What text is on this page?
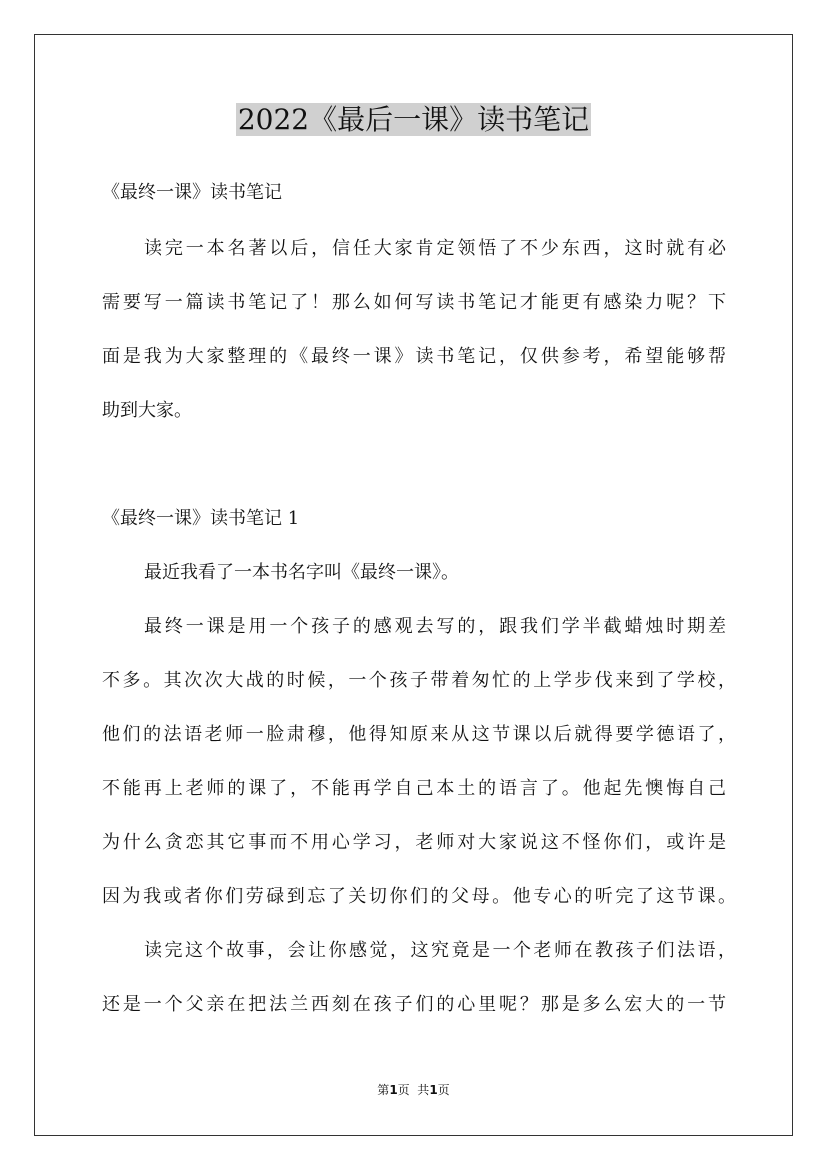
2022《最后一课》读书笔记
《最终一课》读书笔记
读完一本名著以后，信任大家肯定领悟了不少东西，这时就有必
需要写一篇读书笔记了！那么如何写读书笔记才能更有感染力呢？下
面是我为大家整理的《最终一课》读书笔记，仅供参考，希望能够帮
助到大家。
《最终一课》读书笔记 1
最近我看了一本书名字叫《最终一课》。
最终一课是用一个孩子的感观去写的，跟我们学半截蜡烛时期差
不多。其次次大战的时候，一个孩子带着匆忙的上学步伐来到了学校，
他们的法语老师一脸肃穆，他得知原来从这节课以后就得要学德语了，
不能再上老师的课了，不能再学自己本土的语言了。他起先懊悔自己
为什么贪恋其它事而不用心学习，老师对大家说这不怪你们，或许是
因为我或者你们劳碌到忘了关切你们的父母。他专心的听完了这节课。
读完这个故事，会让你感觉，这究竟是一个老师在教孩子们法语，
还是一个父亲在把法兰西刻在孩子们的心里呢？那是多么宏大的一节
第1页  共1页
